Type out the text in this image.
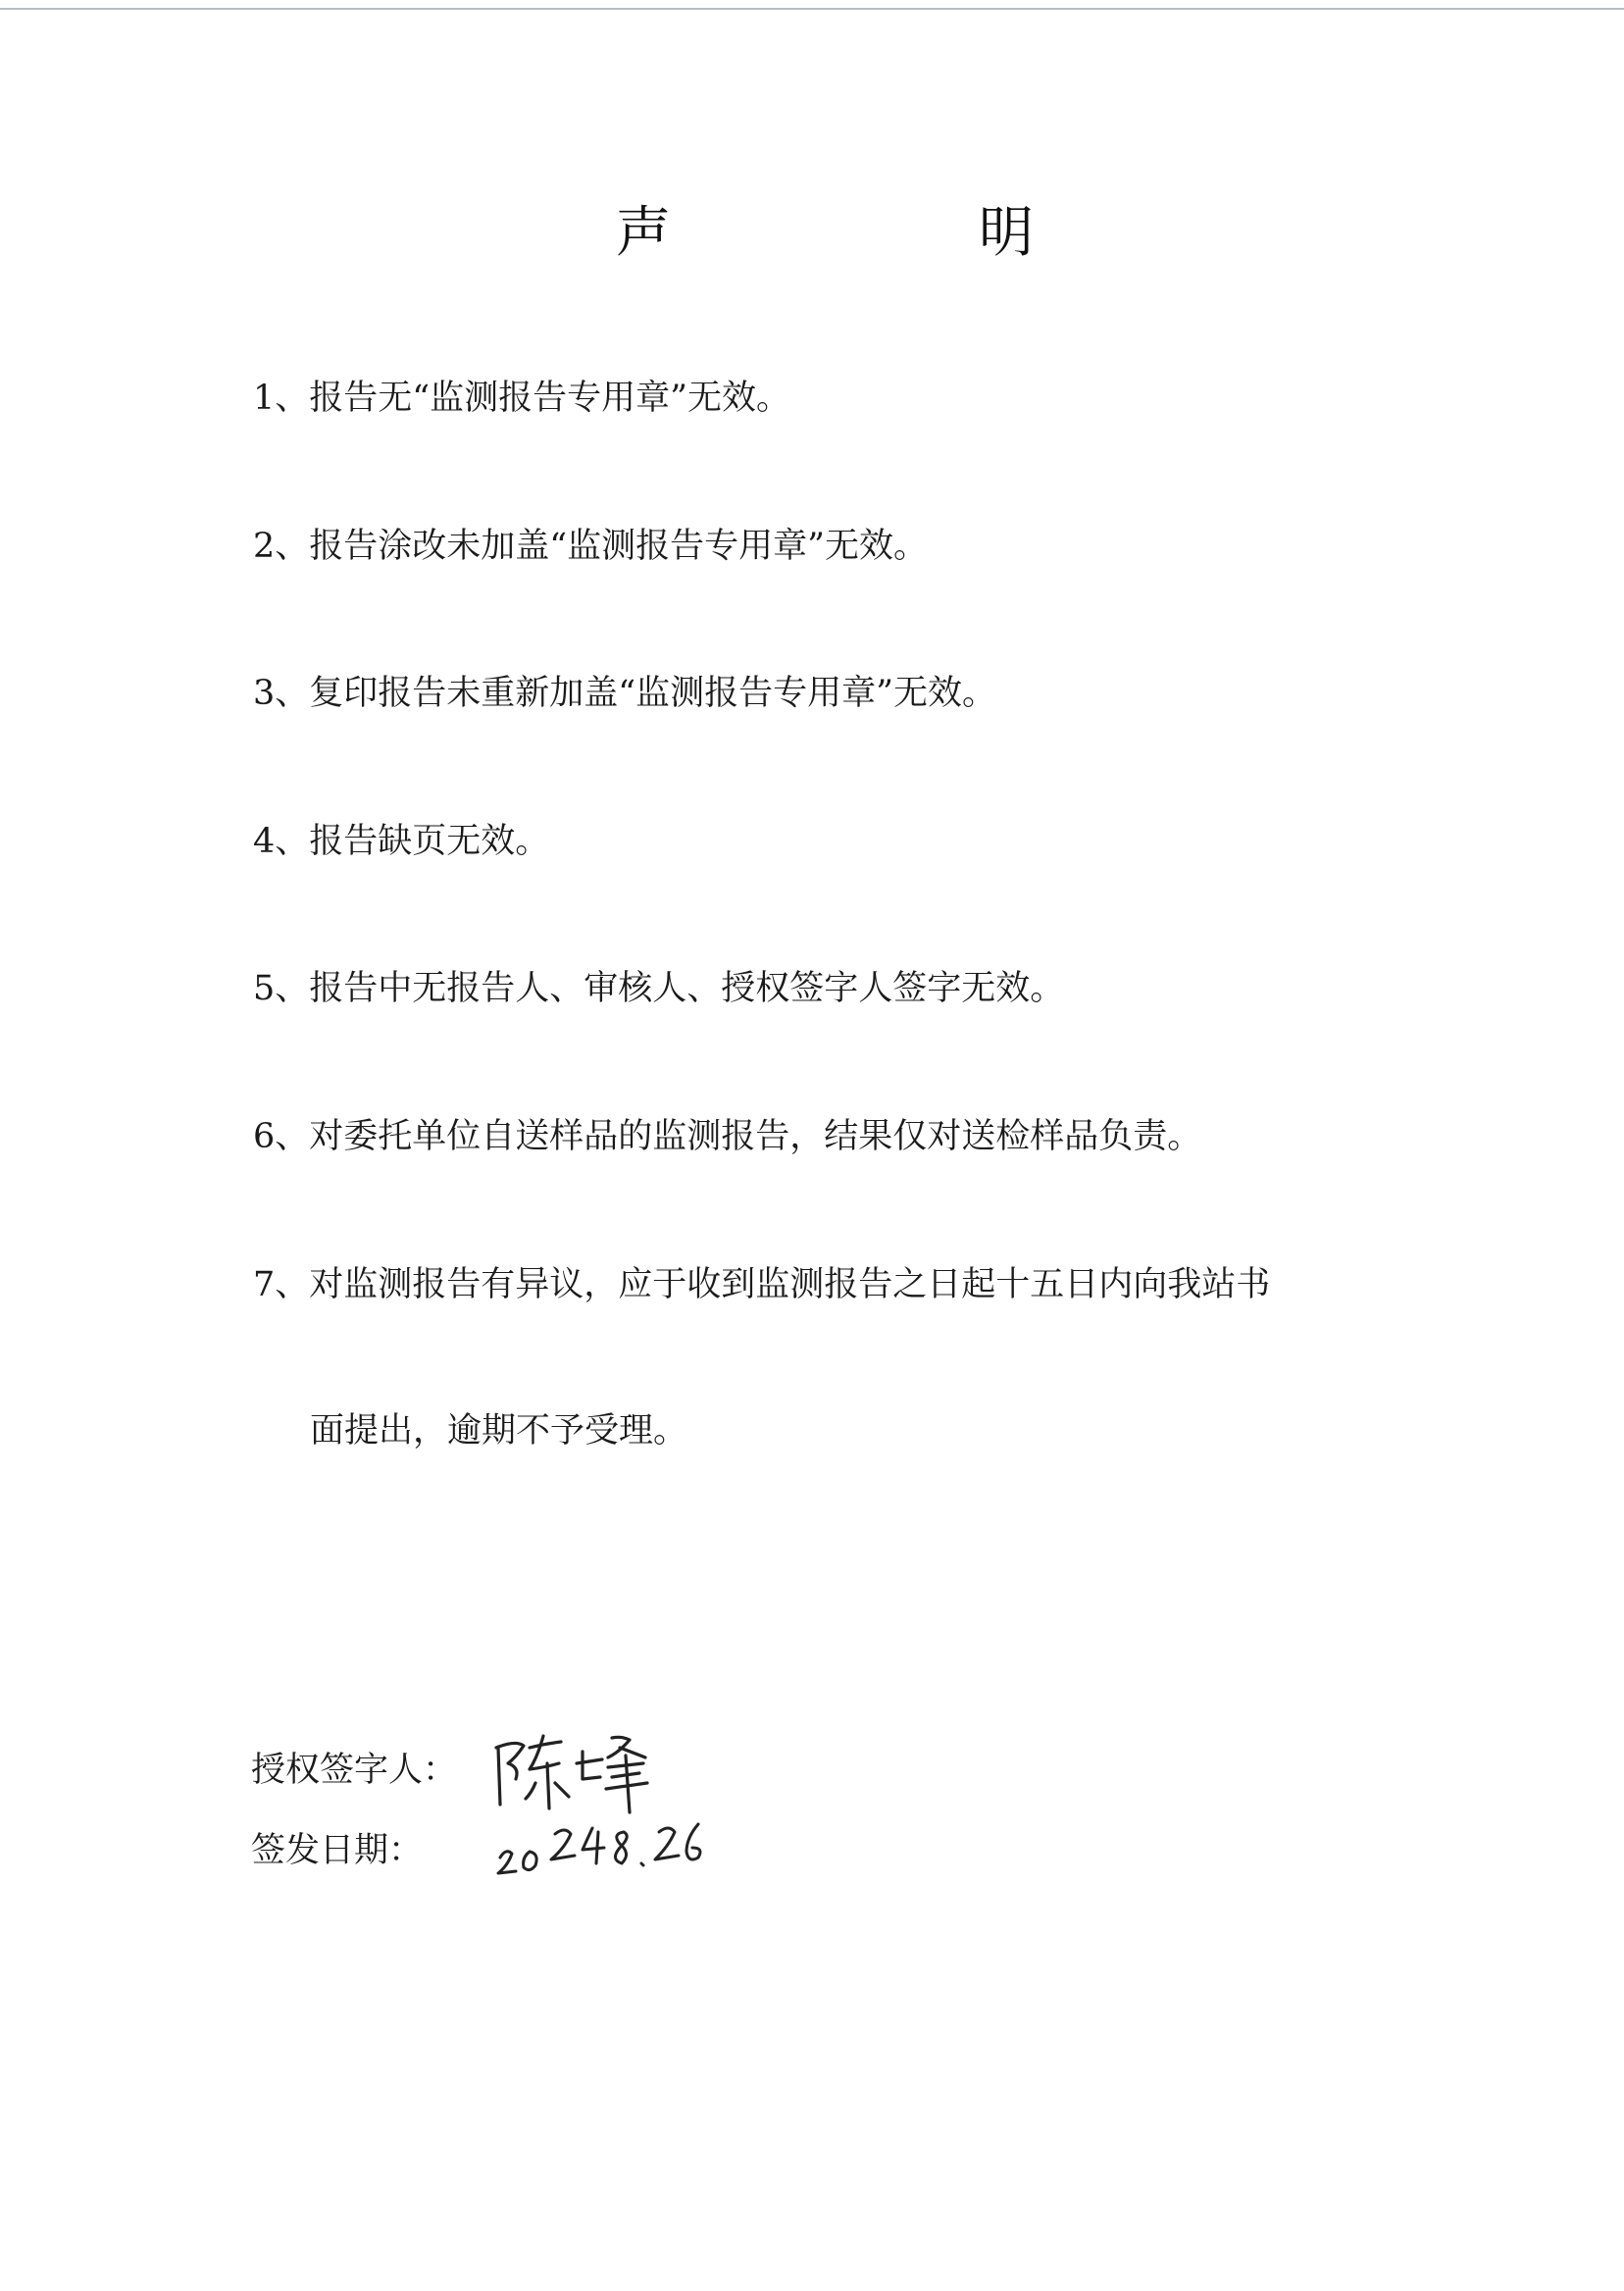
声	明
1、报告无“监测报告专用章”无效。
2、报告涂改未加盖“监测报告专用章”无效。
3、复印报告未重新加盖“监测报告专用章”无效。
4、报告缺页无效。
5、报告中无报告人、审核人、授权签字人签字无效。
6、对委托单位自送样品的监测报告，结果仅对送检样品负责。
7、对监测报告有异议，应于收到监测报告之日起十五日内向我站书
面提出，逾期不予受理。
授权签字人：
签发日期：
